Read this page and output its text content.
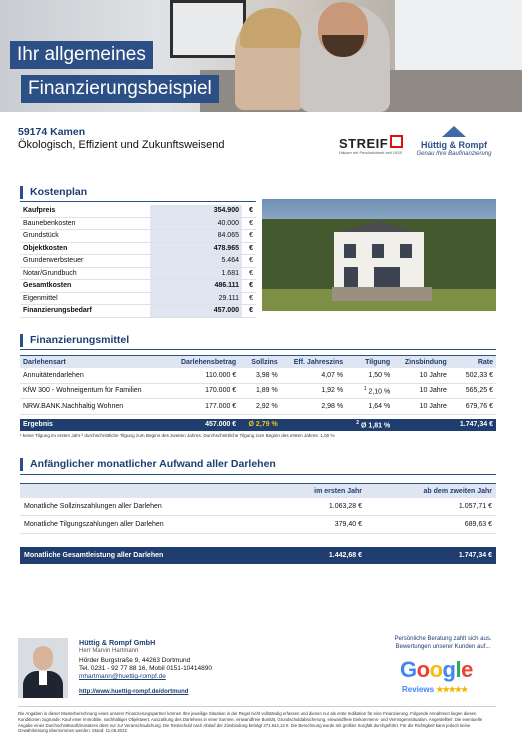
Ihr allgemeines
Finanzierungsbeispiel
59174 Kamen
Ökologisch, Effizient und Zukunftsweisend	STREIF
Häuser mit Persönlichkeit seit 1928
Hüttig & Rompf
Genau Ihre Baufinanzierung
Kostenplan
Kaufpreis	354.900	€
Baunebenkosten	40.000	€
Grundstück	84.065	€
Objektkosten	478.965	€
Grunderwerbsteuer	5.464	€
Notar/Grundbuch	1.681	€
Gesamtkosten	486.111	€
Eigenmittel	29.111	€
Finanzierungsbedarf	457.000	€
Finanzierungsmittel
Darlehensart	Darlehensbetrag	Sollzins	Eff. Jahreszins	Tilgung	Zinsbindung	Rate
Annuitätendarlehen	110.000 €	3,98 %	4,07 %	1,50 %	10 Jahre	502,33 €
KfW 300 - Wohneigentum für Familien	170.000 €	1,89 %	1,92 %	$^1$ 2,10 %	10 Jahre	565,25 €
NRW.BANK.Nachhaltig Wohnen	177.000 €	2,92 %	2,98 %	1,64 %	10 Jahre	679,76 €

Ergebnis	457.000 €	Ø 2,79 %		$^2$ Ø 1,81 %		1.747,34 €
¹ keine Tilgung im ersten Jahr ² durchschnittliche Tilgung zum Beginn des zweiten Jahres. Durchschnittliche Tilgung zum Beginn des ersten Jahres: 1,00 %
Anfänglicher monatlicher Aufwand aller Darlehen
	im ersten Jahr	ab dem zweiten Jahr
Monatliche Sollzinszahlungen aller Darlehen	1.063,28 €	1.057,71 €
Monatliche Tilgungszahlungen aller Darlehen	379,40 €	689,63 €

Monatliche Gesamtleistung aller Darlehen	1.442,68 €	1.747,34 €
Hüttig & Rompf GmbH
Herr Marvin Hartmann
Hörder Burgstraße 9, 44263 Dortmund
Tel. 0231 - 92 77 88 16, Mobil 0151-10414890
mhartmann@huettig-rompf.de
http://www.huettig-rompf.de/dortmund
Persönliche Beratung zahlt sich aus. Bewertungen unserer Kunden auf...
Google
Reviews ★★★★★
Die Angaben in dieser Musterberechnung eines unserer Finanzierungspartner können Ihre jeweilige Situation in der Regel nicht vollständig erfassen und dienen nur als erste Indikation für eine Finanzierung. Folgende Annahmen liegen diesen Konditionen zugrunde: Kauf einer Immobilie, nachhaltiger Objektwert, Auszahlung des Darlehens in einer Summe, einwandfreie Bonität, Grundschuldabsicherung, einwandfreie Einkommens- und Vermögenssituation. Angestellte/r. Die eventuelle Angabe eines Durchschnittssollzinssatzes dient nur zur Veranschaulichung. Die Restschuld nach Ablauf der Zinsbindung beträgt 371.942,13 €. Die Berechnung wurde mit größter Sorgfalt durchgeführt. Für die Richtigkeit kann jedoch keine Gewährleistung übernommen werden. Stand: 11.05.2022
